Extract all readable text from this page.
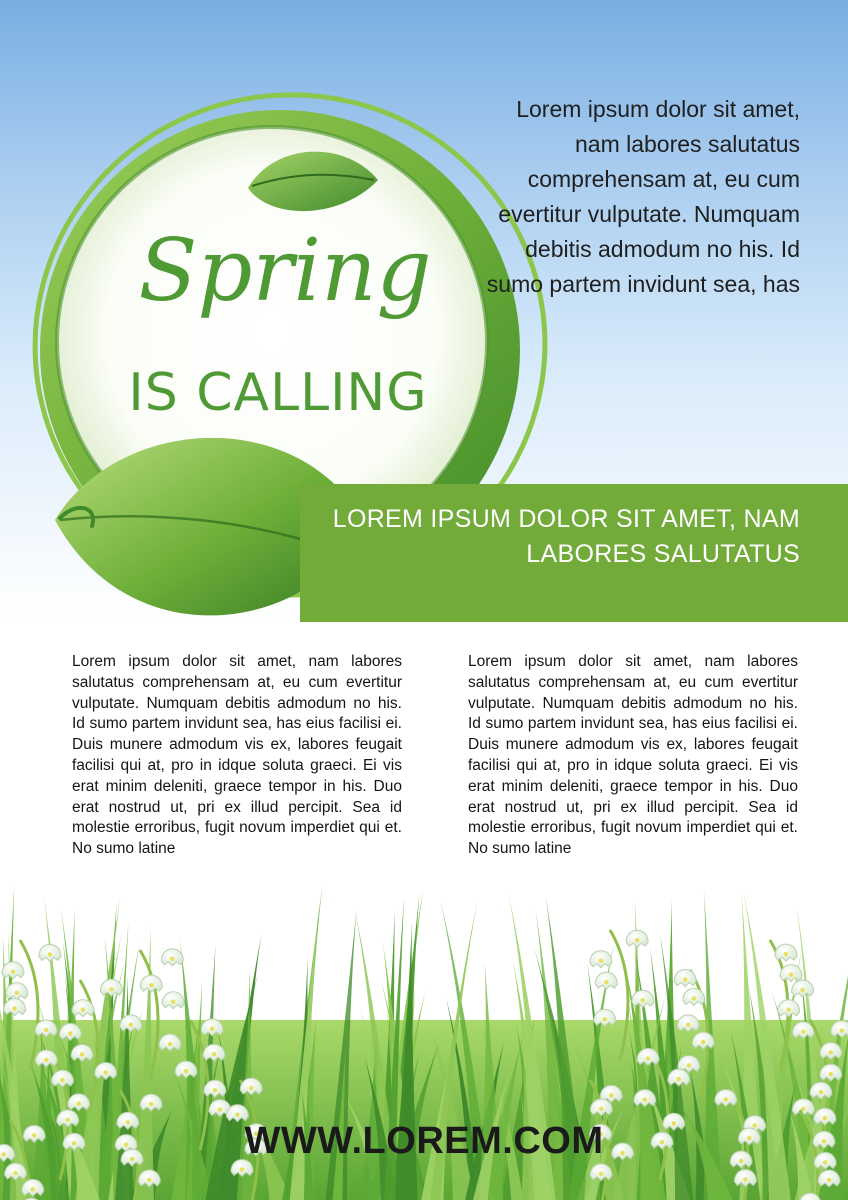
Spring
IS CALLING
Lorem ipsum dolor sit amet, nam labores salutatus comprehensam at, eu cum evertitur vulputate. Numquam debitis admodum no his. Id sumo partem invidunt sea, has
LOREM IPSUM DOLOR SIT AMET, NAM LABORES SALUTATUS
Lorem ipsum dolor sit amet, nam labores salutatus comprehensam at, eu cum evertitur vulputate. Numquam debitis admodum no his. Id sumo partem invidunt sea, has eius facilisi ei. Duis munere admodum vis ex, labores feugait facilisi qui at, pro in idque soluta graeci. Ei vis erat minim deleniti, graece tempor in his. Duo erat nostrud ut, pri ex illud percipit. Sea id molestie erroribus, fugit novum imperdiet qui et. No sumo latine
Lorem ipsum dolor sit amet, nam labores salutatus comprehensam at, eu cum evertitur vulputate. Numquam debitis admodum no his. Id sumo partem invidunt sea, has eius facilisi ei. Duis munere admodum vis ex, labores feugait facilisi qui at, pro in idque soluta graeci. Ei vis erat minim deleniti, graece tempor in his. Duo erat nostrud ut, pri ex illud percipit. Sea id molestie erroribus, fugit novum imperdiet qui et. No sumo latine
WWW.LOREM.COM
